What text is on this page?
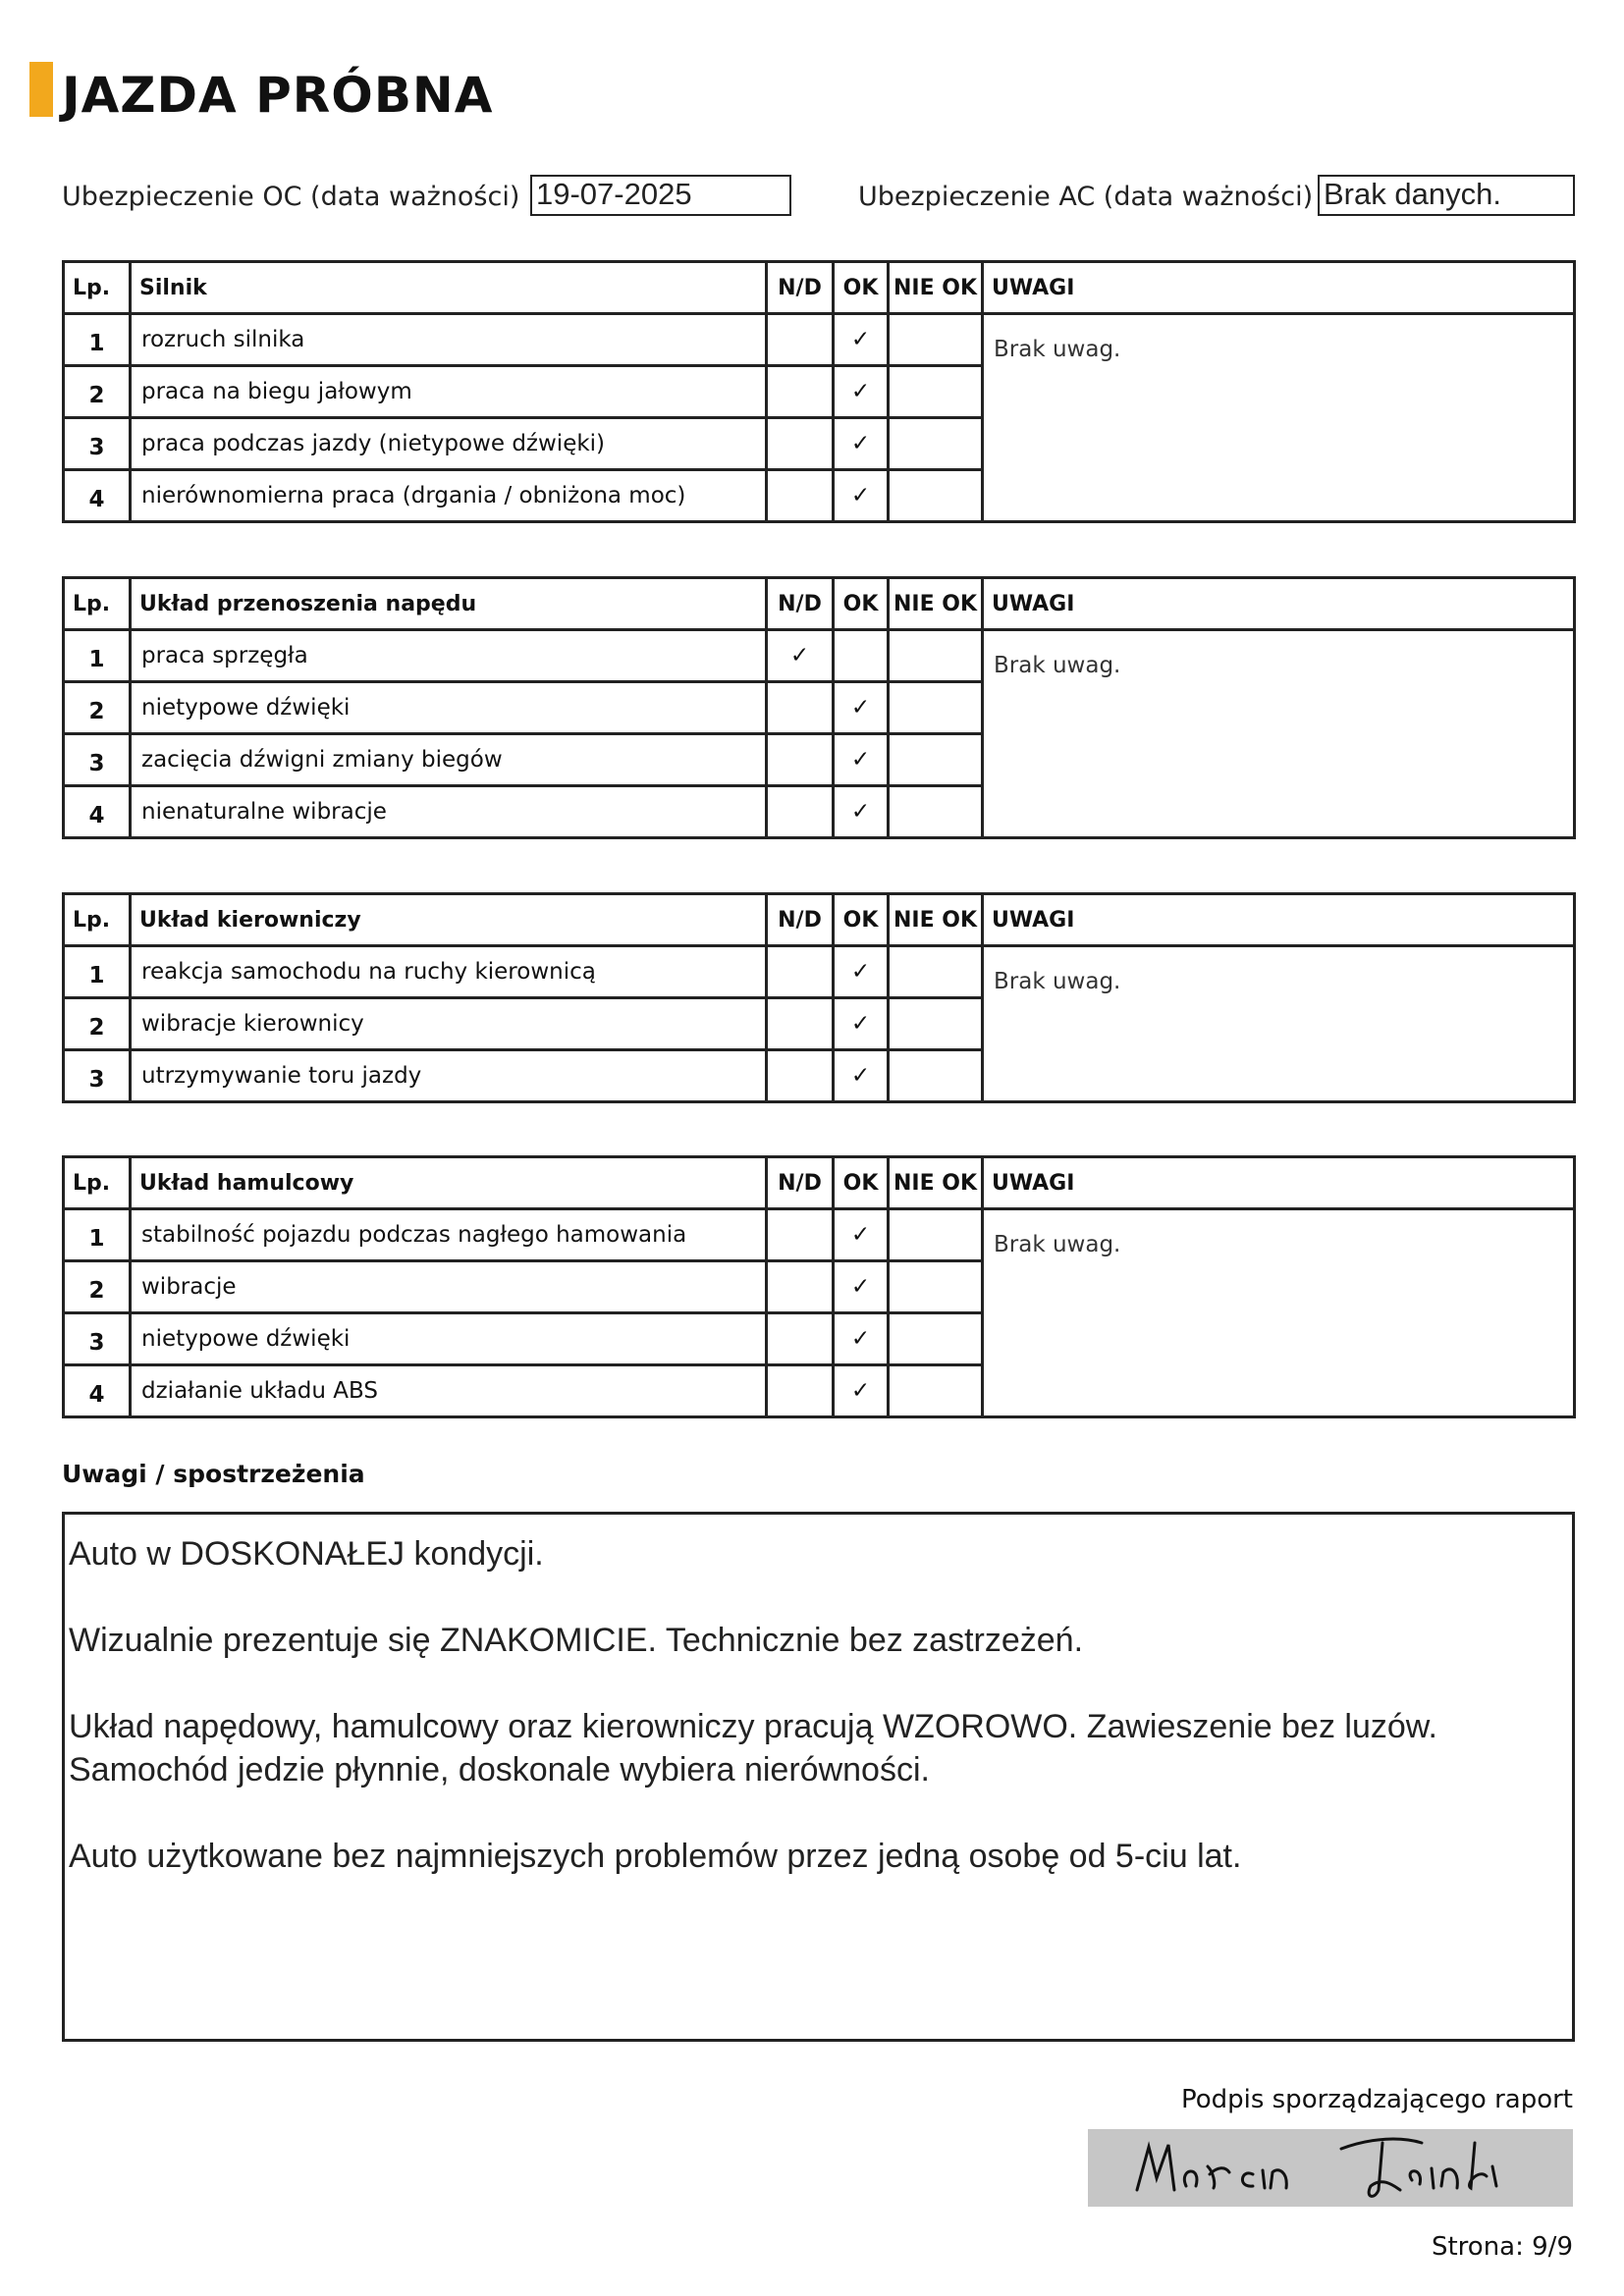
JAZDA PRÓBNA
Ubezpieczenie OC (data ważności) 19-07-2025	Ubezpieczenie AC (data ważności) Brak danych.
Lp.	Silnik	N/D	OK	NIE OK	UWAGI
1	rozruch silnika		✓		Brak uwag.
2	praca na biegu jałowym		✓		
3	praca podczas jazdy (nietypowe dźwięki)		✓		
4	nierównomierna praca (drgania / obniżona moc)		✓		
Lp.	Układ przenoszenia napędu	N/D	OK	NIE OK	UWAGI
1	praca sprzęgła	✓			Brak uwag.
2	nietypowe dźwięki		✓		
3	zacięcia dźwigni zmiany biegów		✓		
4	nienaturalne wibracje		✓		
Lp.	Układ kierowniczy	N/D	OK	NIE OK	UWAGI
1	reakcja samochodu na ruchy kierownicą		✓		Brak uwag.
2	wibracje kierownicy		✓		
3	utrzymywanie toru jazdy		✓		
Lp.	Układ hamulcowy	N/D	OK	NIE OK	UWAGI
1	stabilność pojazdu podczas nagłego hamowania		✓		Brak uwag.
2	wibracje		✓		
3	nietypowe dźwięki		✓		
4	działanie układu ABS		✓		
Uwagi / spostrzeżenia

Auto w DOSKONAŁEJ kondycji.

Wizualnie prezentuje się ZNAKOMICIE. Technicznie bez zastrzeżeń.

Układ napędowy, hamulcowy oraz kierowniczy pracują WZOROWO. Zawieszenie bez luzów.

Samochód jedzie płynnie, doskonale wybiera nierówności.

Auto użytkowane bez najmniejszych problemów przez jedną osobę od 5-ciu lat.

Podpis sporządzającego raport
Strona: 9/9
